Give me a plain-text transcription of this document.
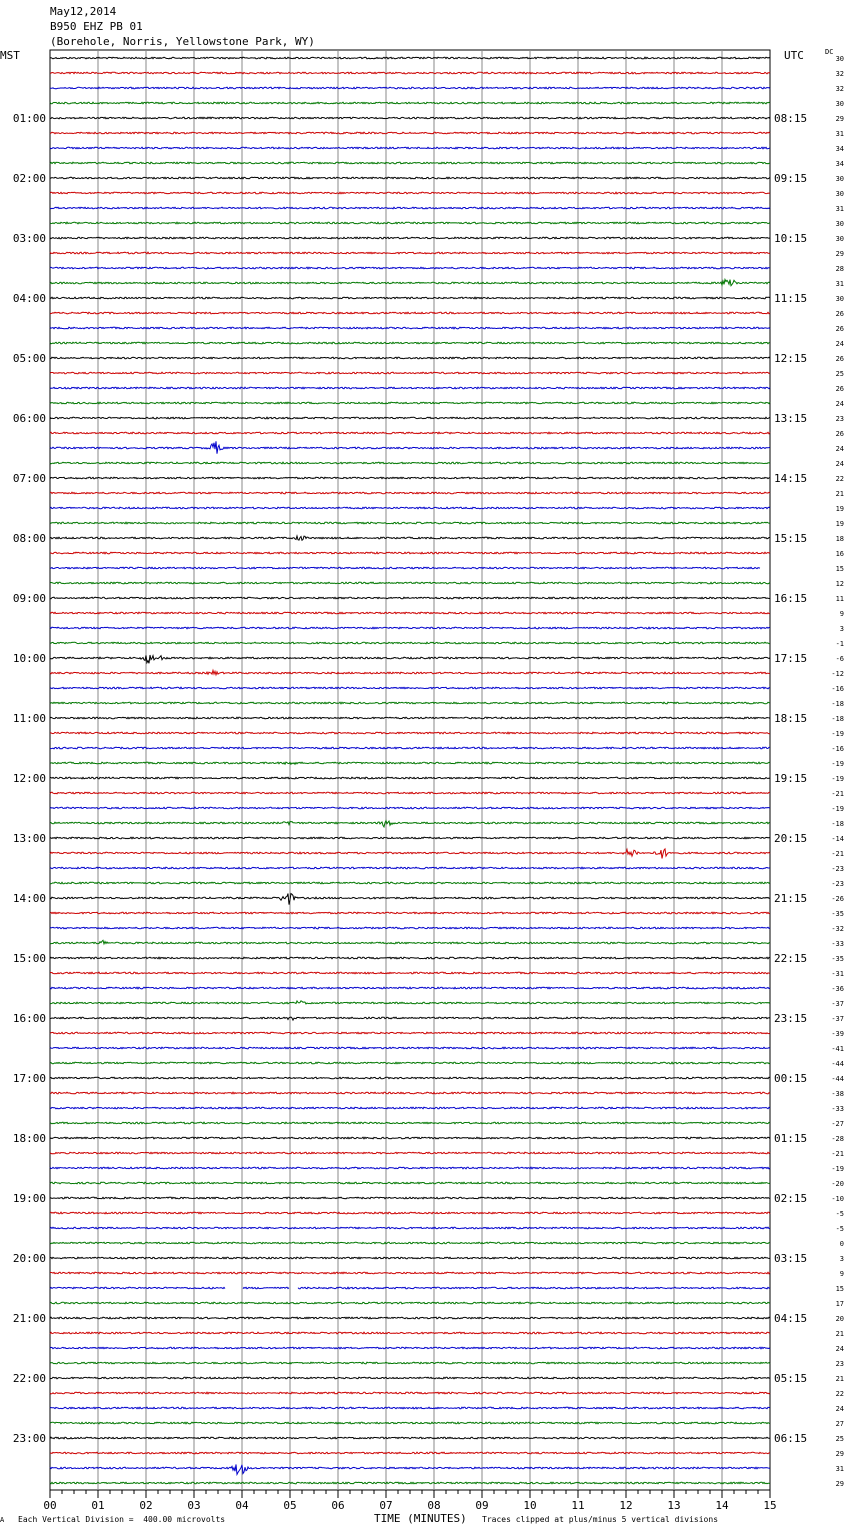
May12,2014
B950 EHZ PB 01
(Borehole, Norris, Yellowstone Park, WY)
MST	UTC	DC
01:00
02:00
03:00
04:00
05:00
06:00
07:00
08:00
09:00
10:00
11:00
12:00
13:00
14:00
15:00
16:00
17:00
18:00
19:00
20:00
21:00
22:00
23:00
08:15
09:15
10:15
11:15
12:15
13:15
14:15
15:15
16:15
17:15
18:15
19:15
20:15
21:15
22:15
23:15
00:15
01:15
02:15
03:15
04:15
05:15
06:15
30
32
32
30
29
31
34
34
30
30
31
30
30
29
28
31
30
26
26
24
26
25
26
24
23
26
24
24
22
21
19
19
18
16
15
12
11
9
3
-1
-6
-12
-16
-18
-18
-19
-16
-19
-19
-21
-19
-18
-14
-21
-23
-23
-26
-35
-32
-33
-35
-31
-36
-37
-37
-39
-41
-44
-44
-38
-33
-27
-28
-21
-19
-20
-10
-5
-5
0
3
9
15
17
20
21
24
23
21
22
24
27
25
29
31
29
00	01	02	03	04	05	06	07	08	09	10	11	12	13	14	15
A Each Vertical Division =  400.00 microvolts	TIME (MINUTES) Traces clipped at plus/minus 5 vertical divisions
